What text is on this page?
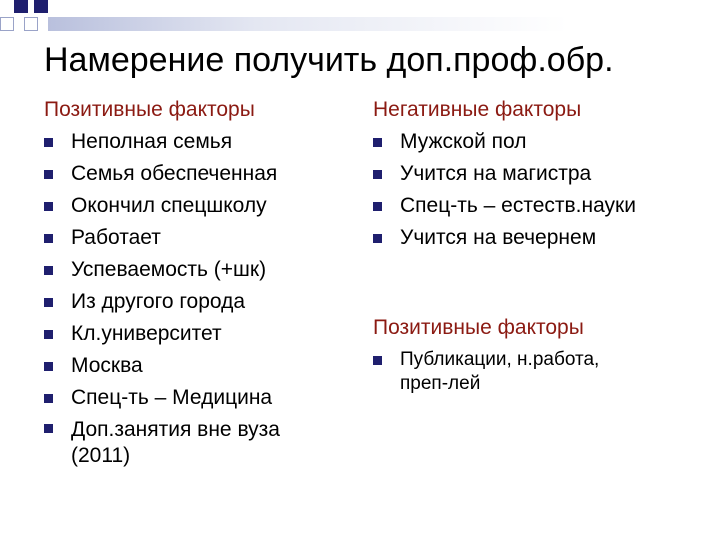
Намерение получить доп.проф.обр.
Позитивные факторы
Неполная семья
Семья обеспеченная
Окончил спецшколу
Работает
Успеваемость (+шк)
Из другого города
Кл.университет
Москва
Спец-ть – Медицина
Доп.занятия вне вуза (2011)
Негативные факторы
Мужской пол
Учится на магистра
Спец-ть – естеств.науки
Учится на вечернем
Позитивные факторы
Публикации, н.работа, преп-лей
